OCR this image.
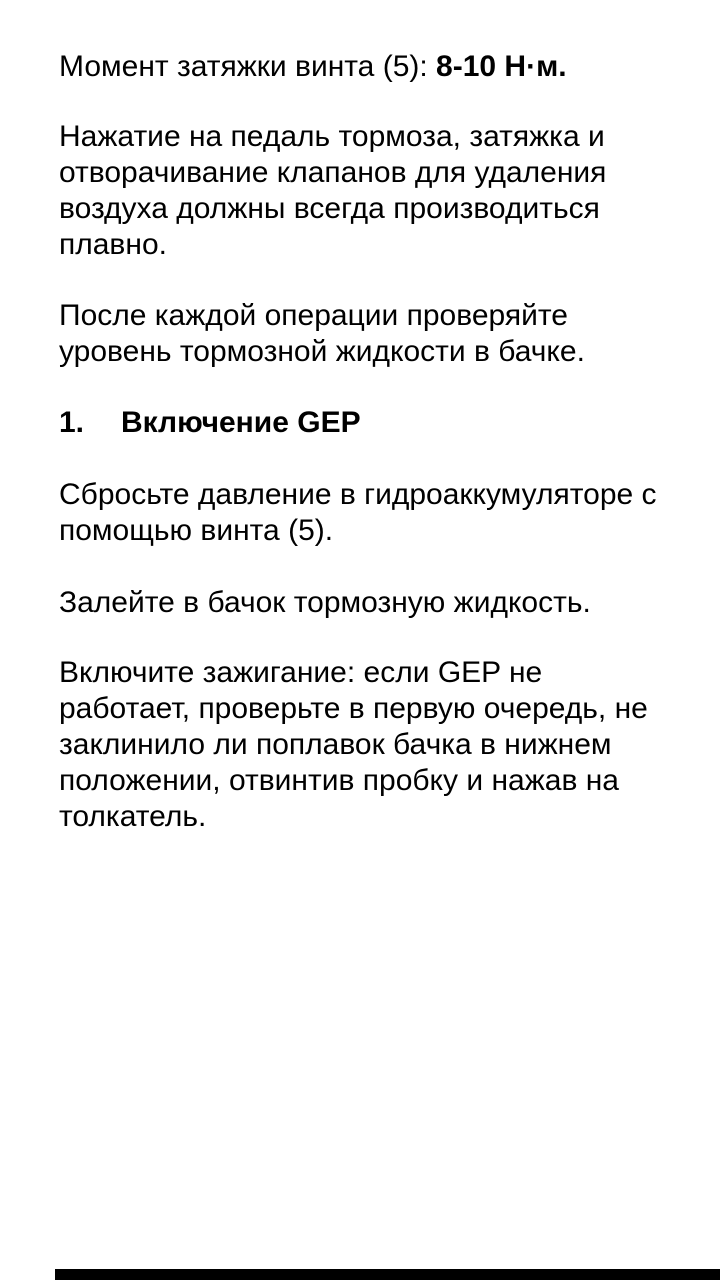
Момент затяжки винта (5): 8-10 Н·м.

Нажатие на педаль тормоза, затяжка и
отворачивание клапанов для удаления
воздуха должны всегда производиться
плавно.

После каждой операции проверяйте
уровень тормозной жидкости в бачке.

1. Включение GEP

Сбросьте давление в гидроаккумуляторе с
помощью винта (5).

Залейте в бачок тормозную жидкость.

Включите зажигание: если GEP не
работает, проверьте в первую очередь, не
заклинило ли поплавок бачка в нижнем
положении, отвинтив пробку и нажав на
толкатель.
